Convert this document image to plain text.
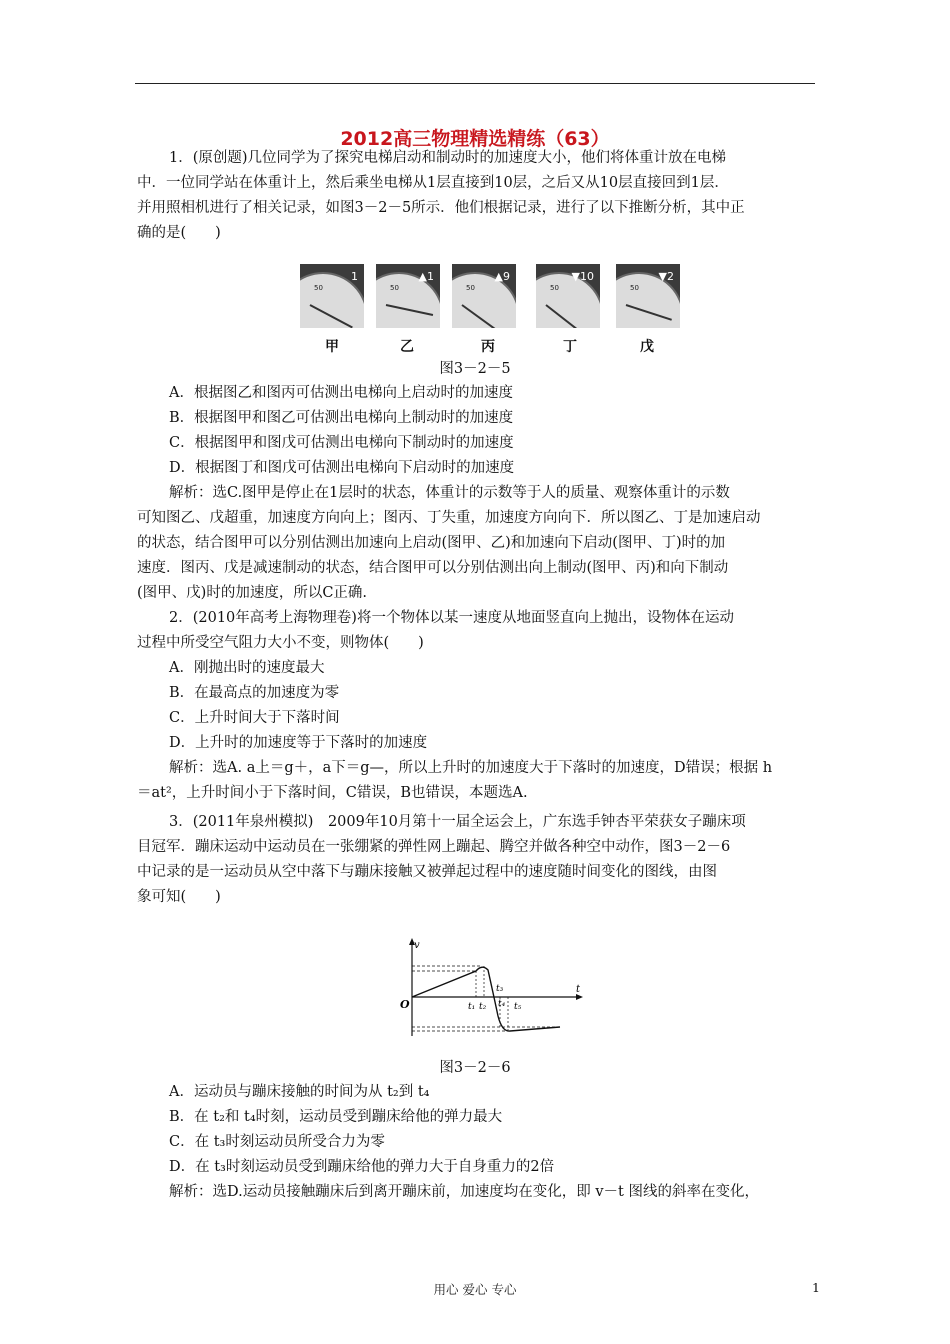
2012高三物理精选精练（63）
1．(原创题)几位同学为了探究电梯启动和制动时的加速度大小，他们将体重计放在电梯
中．一位同学站在体重计上，然后乘坐电梯从1层直接到10层，之后又从10层直接回到1层．
并用照相机进行了相关记录，如图3－2－5所示．他们根据记录，进行了以下推断分析，其中正
确的是(　　)
50
1
50
▲1
50
▲9
50
▼10
50
▼2
甲	乙	丙	丁	戊
图3－2－5
A．根据图乙和图丙可估测出电梯向上启动时的加速度
B．根据图甲和图乙可估测出电梯向上制动时的加速度
C．根据图甲和图戊可估测出电梯向下制动时的加速度
D．根据图丁和图戊可估测出电梯向下启动时的加速度
解析：选C.图甲是停止在1层时的状态，体重计的示数等于人的质量、观察体重计的示数
可知图乙、戊超重，加速度方向向上；图丙、丁失重，加速度方向向下．所以图乙、丁是加速启动
的状态，结合图甲可以分别估测出加速向上启动(图甲、乙)和加速向下启动(图甲、丁)时的加
速度．图丙、戊是减速制动的状态，结合图甲可以分别估测出向上制动(图甲、丙)和向下制动
(图甲、戊)时的加速度，所以C正确.
2．(2010年高考上海物理卷)将一个物体以某一速度从地面竖直向上抛出，设物体在运动
过程中所受空气阻力大小不变，则物体(　　)
A．刚抛出时的速度最大
B．在最高点的加速度为零
C．上升时间大于下落时间
D．上升时的加速度等于下落时的加速度
解析：选A. a上＝g＋，a下＝g—，所以上升时的加速度大于下落时的加速度，D错误；根据 h
＝at²，上升时间小于下落时间，C错误，B也错误，本题选A.
3．(2011年泉州模拟)　2009年10月第十一届全运会上，广东选手钟杏平荣获女子蹦床项
目冠军．蹦床运动中运动员在一张绷紧的弹性网上蹦起、腾空并做各种空中动作，图3－2－6
中记录的是一运动员从空中落下与蹦床接触又被弹起过程中的速度随时间变化的图线，由图
象可知(　　)
v
t
O	t₁ t₂
t₃
t₄ t₅
图3－2－6
A．运动员与蹦床接触的时间为从 t₂到 t₄
B．在 t₂和 t₄时刻，运动员受到蹦床给他的弹力最大
C．在 t₃时刻运动员所受合力为零
D．在 t₃时刻运动员受到蹦床给他的弹力大于自身重力的2倍
解析：选D.运动员接触蹦床后到离开蹦床前，加速度均在变化，即 v－t 图线的斜率在变化，
用心 爱心 专心	1
